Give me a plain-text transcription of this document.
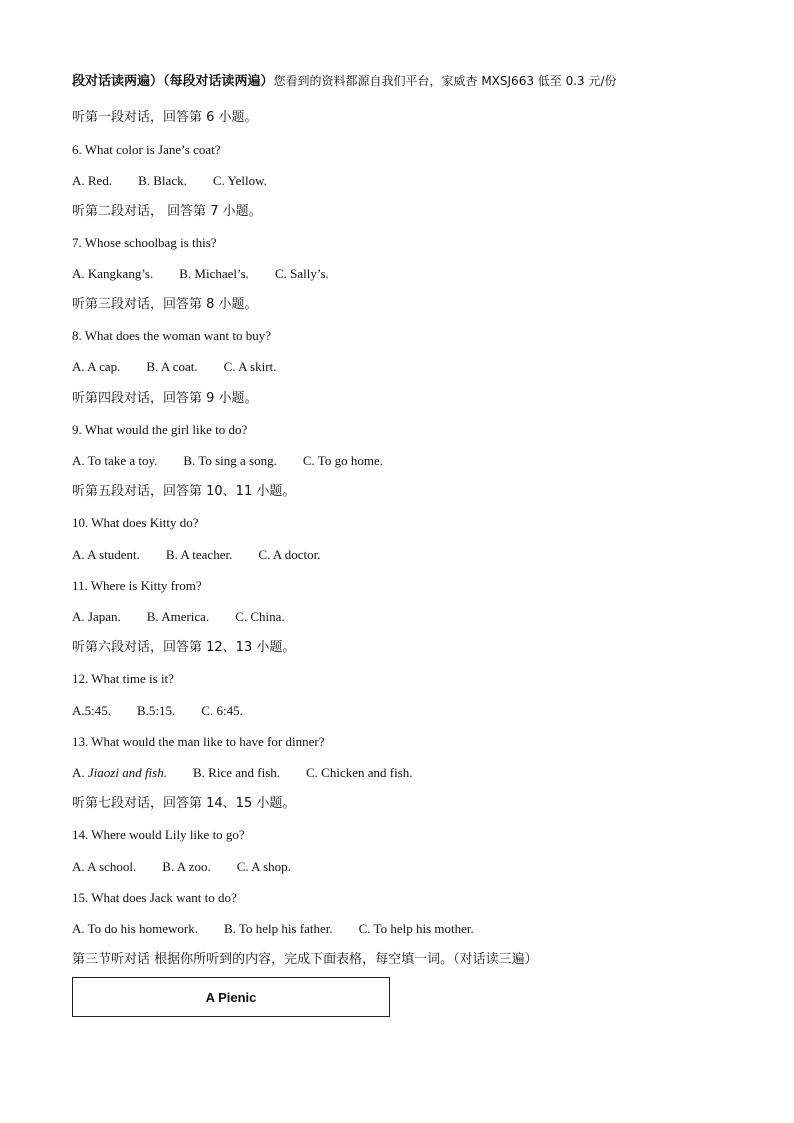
段对话读两遍）（每段对话读两遍）您看到的资料都源自我们平台，家威杏 MXSJ663 低至 0.3 元/份
听第一段对话，回答第 6 小题。
6. What color is Jane’s coat?
A. Red. B. Black. C. Yellow.
听第二段对话， 回答第 7 小题。
7. Whose schoolbag is this?
A. Kangkang’s. B. Michael’s. C. Sally’s.
听第三段对话，回答第 8 小题。
8. What does the woman want to buy?
A. A cap. B. A coat. C. A skirt.
听第四段对话，回答第 9 小题。
9. What would the girl like to do?
A. To take a toy. B. To sing a song. C. To go home.
听第五段对话，回答第 10、11 小题。
10. What does Kitty do?
A. A student. B. A teacher. C. A doctor.
11. Where is Kitty from?
A. Japan. B. America. C. China.
听第六段对话，回答第 12、13 小题。
12. What time is it?
A.5:45. B.5:15. C. 6:45.
13. What would the man like to have for dinner?
A. Jiaozi and fish. B. Rice and fish. C. Chicken and fish.
听第七段对话，回答第 14、15 小题。
14. Where would Lily like to go?
A. A school. B. A zoo. C. A shop.
15. What does Jack want to do?
A. To do his homework. B. To help his father. C. To help his mother.
第三节听对话 根据你所听到的内容，完成下面表格，每空填一词。（对话读三遍）
A Pienic
